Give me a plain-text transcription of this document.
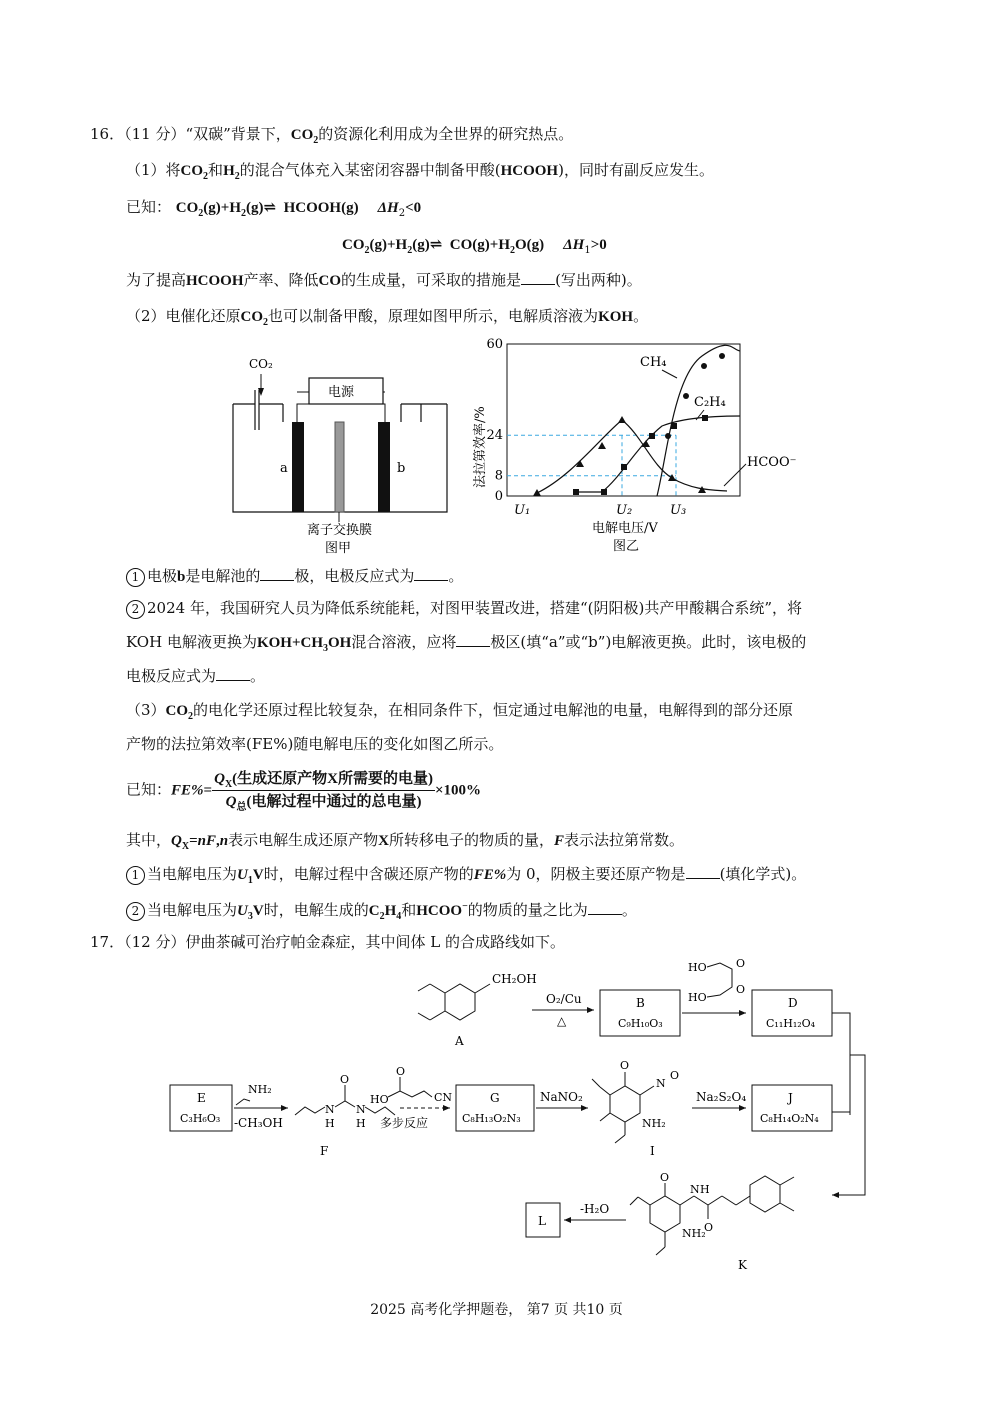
16．（11 分）“双碳”背景下，$CO_2$的资源化利用成为全世界的研究热点。
（1）将$CO_2$和$H_2$的混合气体充入某密闭容器中制备甲酸(HCOOH)，同时有副反应发生。
已知： $CO_2(g)+H_2(g)\rightleftharpoons$  HCOOH(g) $\Delta H_2<0$
$CO_2(g)+H_2(g)\rightleftharpoons$  $CO(g)+H_2O(g)$ $\Delta H_1>0$
为了提高HCOOH产率、降低CO的生成量，可采取的措施是 (写出两种)。
（2）电催化还原$CO_2$也可以制备甲酸，原理如图甲所示，电解质溶液为KOH。
CO₂
电源
a	b
离子交换膜
图甲
0
8
24
60
法拉第效率/%
U₁	U₂	U₃
电解电压/V
图乙
CH₄
C₂H₄
HCOO⁻
1 电极b是电解池的 极，电极反应式为 。
2 2024 年，我国研究人员为降低系统能耗，对图甲装置改进，搭建“(阴阳极)共产甲酸耦合系统”，将
KOH 电解液更换为$KOH+CH_3OH$混合溶液，应将 极区(填“a”或“b”)电解液更换。此时，该电极的
电极反应式为 。
$(3)CO_2$的电化学还原过程比较复杂，在相同条件下，恒定通过电解池的电量，电解得到的部分还原
产物的法拉第效率(FE%)随电解电压的变化如图乙所示。
已知：$FE\%= \frac{Q_X(生成还原产物X所需要的电量)}{Q_总(电解过程中通过的总电量)} \times 100\%$
其中，$Q_X=nF,n$表示电解生成还原产物X所转移电子的物质的量，F表示法拉第常数。
1 当电解电压为$U_1V$时，电解过程中含碳还原产物的FE%为 0，阴极主要还原产物是 (填化学式)。
2 当电解电压为$U_3V$时，电解生成的$C_2H_4$和HCOO−的物质的量之比为 。
17．（12 分）伊曲茶碱可治疗帕金森症，其中间体 L 的合成路线如下。
CH₂OH
A
O₂/Cu
△
B
C₉H₁₀O₃
HO
HO
O
O
D
C₁₁H₁₂O₄
E
C₃H₆O₃
NH₂
-CH₃OH
O
N N
H H
F
HO
O
CN
多步反应
G
C₈H₁₃O₂N₃
NaNO₂
O
N
O
NH₂
I
Na₂S₂O₄	J
C₈H₁₄O₂N₄
O
N H
O
NH₂
K
-H₂O
L
2025 高考化学押题卷， 第7 页 共10 页
